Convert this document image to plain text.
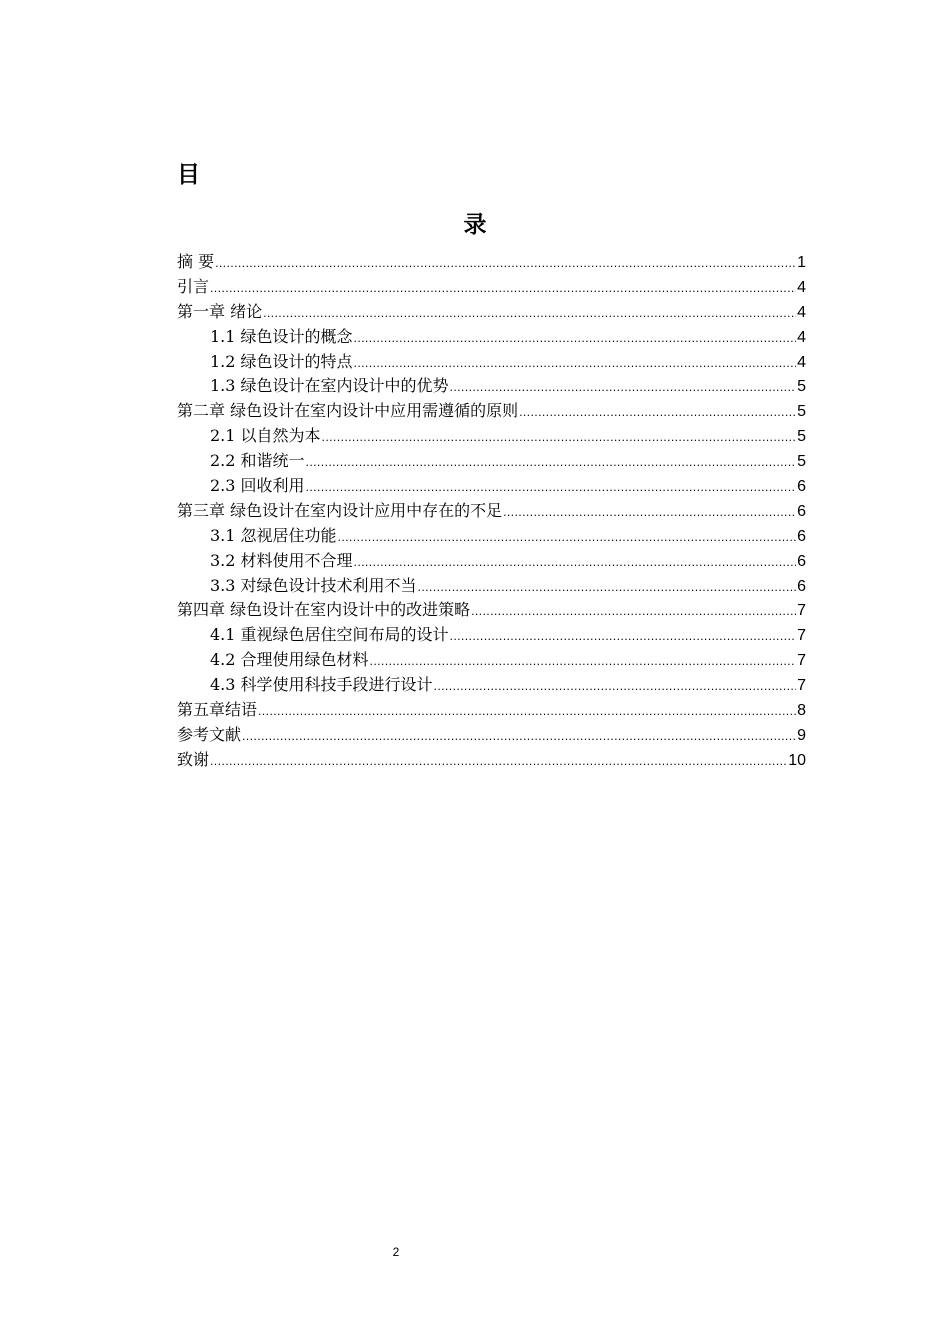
目
录
摘 要 .....	1
引言 .....	4
第一章 绪论 .....	4
1.1 绿色设计的概念 .....	4
1.2 绿色设计的特点 .....	4
1.3 绿色设计在室内设计中的优势 .....	5
第二章 绿色设计在室内设计中应用需遵循的原则 .....	5
2.1 以自然为本 .....	5
2.2 和谐统一 .....	5
2.3 回收利用 .....	6
第三章 绿色设计在室内设计应用中存在的不足 .....	6
3.1 忽视居住功能 .....	6
3.2 材料使用不合理 .....	6
3.3 对绿色设计技术利用不当 .....	6
第四章 绿色设计在室内设计中的改进策略 .....	7
4.1 重视绿色居住空间布局的设计 .....	7
4.2 合理使用绿色材料 .....	7
4.3 科学使用科技手段进行设计 .....	7
第五章结语 .....	8
参考文献 .....	9
致谢 .....	10
2
